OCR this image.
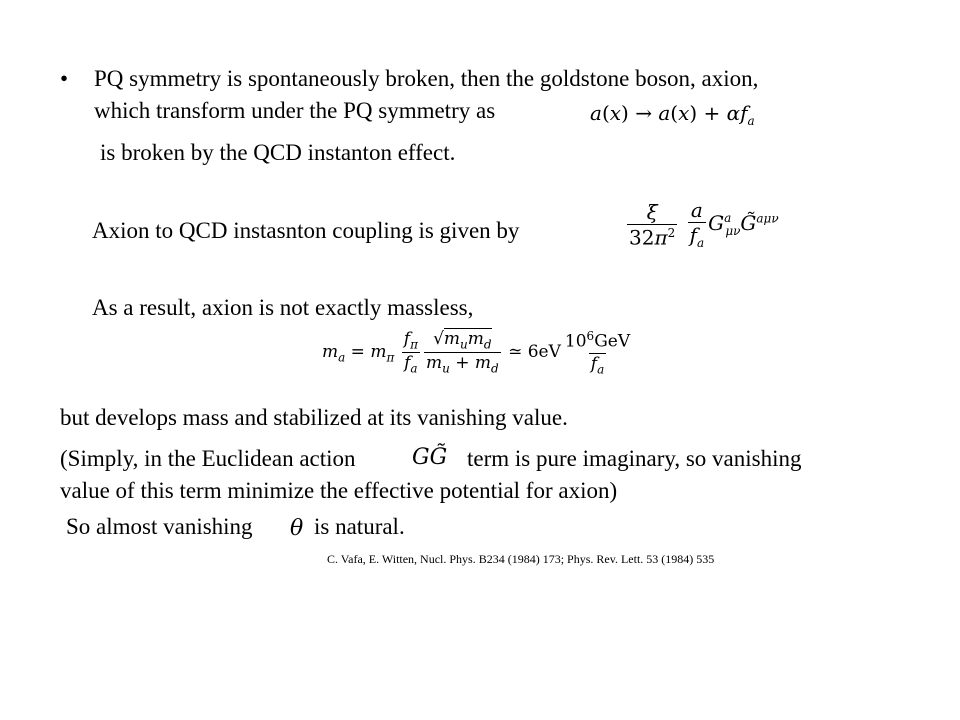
• PQ symmetry is spontaneously broken, then the goldstone boson, axion,
which transform under the PQ symmetry as	$a(x) \to a(x) + \alpha f_a$
is broken by the QCD instanton effect.
Axion to QCD instasnton coupling is given by	$\frac{\xi}{32\pi^2}$
$\frac{a}{f_a}$ $G^a_{\mu\nu}G̃^{a\mu\nu}$
As a result, axion is not exactly massless,
$m_a = m_\pi \frac{f_\pi}{f_a} \frac{√m_um_d}{m_u + m_d}$ ≃ $6eV \frac{10^6GeV}{f_a}$
but develops mass and stabilized at its vanishing value.
(Simply, in the Euclidean action	GG̃ term is pure imaginary, so vanishing
value of this term minimize the effective potential for axion)
So almost vanishing θ is natural.
C. Vafa, E. Witten, Nucl. Phys. B234 (1984) 173; Phys. Rev. Lett. 53 (1984) 535
